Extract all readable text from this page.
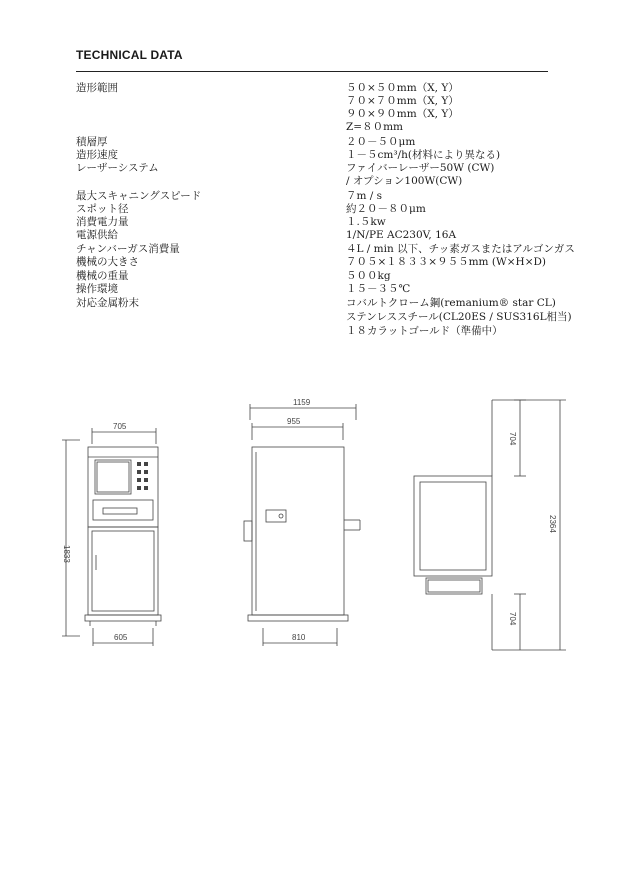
TECHNICAL DATA
造形範囲	５０×５０mm（X, Y）
７０×７０mm（X, Y）
９０×９０mm（X, Y）
Z=８０mm
積層厚	２０－５０μm
造形速度	１－５cm³/h(材料により異なる)
レーザーシステム	ファイバーレーザー50W (CW)
/ オプション100W(CW)
最大スキャニングスピード	７m / s
スポット径	約２０－８０μm
消費電力量	１.５kw
電源供給	1/N/PE AC230V, 16A
チャンバーガス消費量	４L / min 以下、チッ素ガスまたはアルゴンガス
機械の大きさ	７０５×１８３３×９５５mm (W×H×D)
機械の重量	５００kg
操作環境	１５－３５℃
対応金属粉末	コバルトクローム鋼(remanium® star CL)
ステンレススチール(CL20ES / SUS316L相当)
１８カラットゴールド（準備中）
705
1833
605
1159
955
810
704
2364
704
